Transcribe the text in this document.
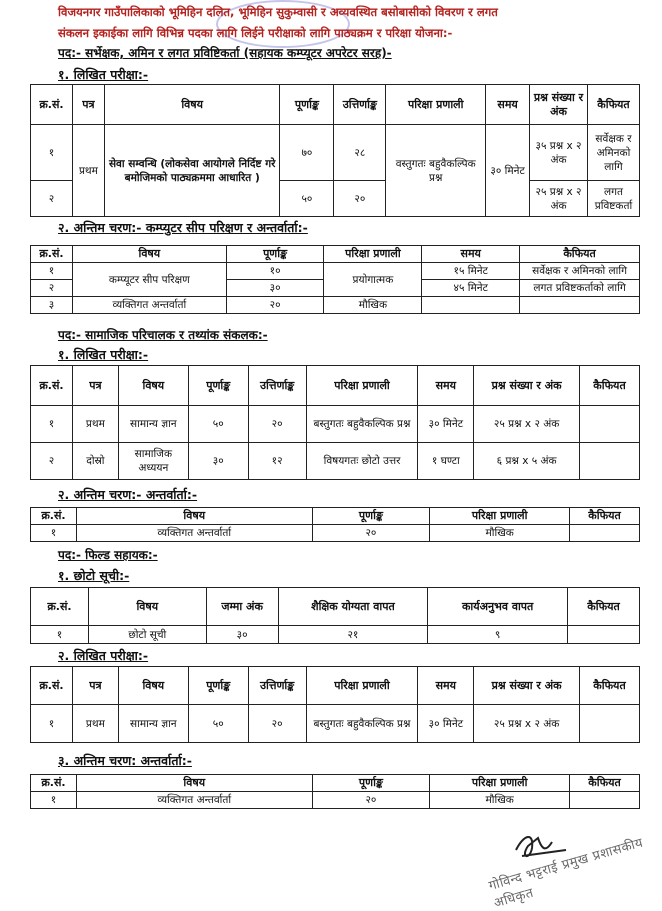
विजयनगर गाउँपालिकाको भूमिहिन दलित, भूमिहिन सुकुम्वासी र अव्यवस्थित बसोबासीको विवरण र लगत
संकलन इकाईका लागि विभिन्न पदका लागि लिईने परीक्षाको लागि पाठ्यक्रम र परिक्षा योजना:-
पद:- सर्भेक्षक, अमिन र लगत प्रविष्टिकर्ता (सहायक कम्प्यूटर अपरेटर सरह)-
१. लिखित परीक्षा:-
क्र.सं.	पत्र	विषय	पूर्णाङ्क	उत्तिर्णाङ्क	परिक्षा प्रणाली	समय	प्रश्न संख्या र अंक	कैफियत
१	प्रथम	सेवा सम्वन्धि (लोकसेवा आयोगले निर्दिष्ट गरे बमोजिमको पाठ्यक्रममा आधारित )	७०	२८	वस्तुगतः बहुवैकल्पिक प्रश्न	३० मिनेट	३५ प्रश्न x २ अंक	सर्वेक्षक र अमिनको लागि
२			५०	२०			२५ प्रश्न x २ अंक	लगत प्रविष्टकर्ता
२. अन्तिम चरण:- कम्प्युटर सीप परिक्षण र अन्तर्वार्ता:-
क्र.सं.	विषय	पूर्णाङ्क	परिक्षा प्रणाली	समय	कैफियत
१	कम्प्यूटर सीप परिक्षण	१०	प्रयोगात्मक	१५ मिनेट	सर्वेक्षक र अमिनको लागि
२		३०		४५ मिनेट	लगत प्रविष्टकर्ताको लागि
३	व्यक्तिगत अन्तर्वार्ता	२०	मौखिक		
पद:- सामाजिक परिचालक र तथ्यांक संकलक:-
१. लिखित परीक्षा:-
क्र.सं.	पत्र	विषय	पूर्णाङ्क	उत्तिर्णाङ्क	परिक्षा प्रणाली	समय	प्रश्न संख्या र अंक	कैफियत
१	प्रथम	सामान्य ज्ञान	५०	२०	बस्तुगतः बहुवैकल्पिक प्रश्न	३० मिनेट	२५ प्रश्न x २ अंक	
२	दोस्रो	सामाजिक अध्ययन	३०	१२	विषयगतः छोटो उत्तर	१ घण्टा	६ प्रश्न x ५ अंक	
२. अन्तिम चरण:- अन्तर्वार्ता:-
क्र.सं.	विषय	पूर्णाङ्क	परिक्षा प्रणाली	कैफियत
१	व्यक्तिगत अन्तर्वार्ता	२०	मौखिक	
पद:- फिल्ड सहायक:-
१. छोटो सूची:-
क्र.सं.	विषय	जम्मा अंक	शैक्षिक योग्यता वापत	कार्यअनुभव वापत	कैफियत
१	छोटो सूची	३०	२१	९	
२. लिखित परीक्षा:-
क्र.सं.	पत्र	विषय	पूर्णाङ्क	उत्तिर्णाङ्क	परिक्षा प्रणाली	समय	प्रश्न संख्या र अंक	कैफियत
१	प्रथम	सामान्य ज्ञान	५०	२०	बस्तुगतः बहुवैकल्पिक प्रश्न	३० मिनेट	२५ प्रश्न x २ अंक	
३. अन्तिम चरण: अन्तर्वार्ता:-
क्र.सं.	विषय	पूर्णाङ्क	परिक्षा प्रणाली	कैफियत
१	व्यक्तिगत अन्तर्वार्ता	२०	मौखिक	
गोविन्द भट्टराई प्रमुख प्रशासकीय अधिकृत
